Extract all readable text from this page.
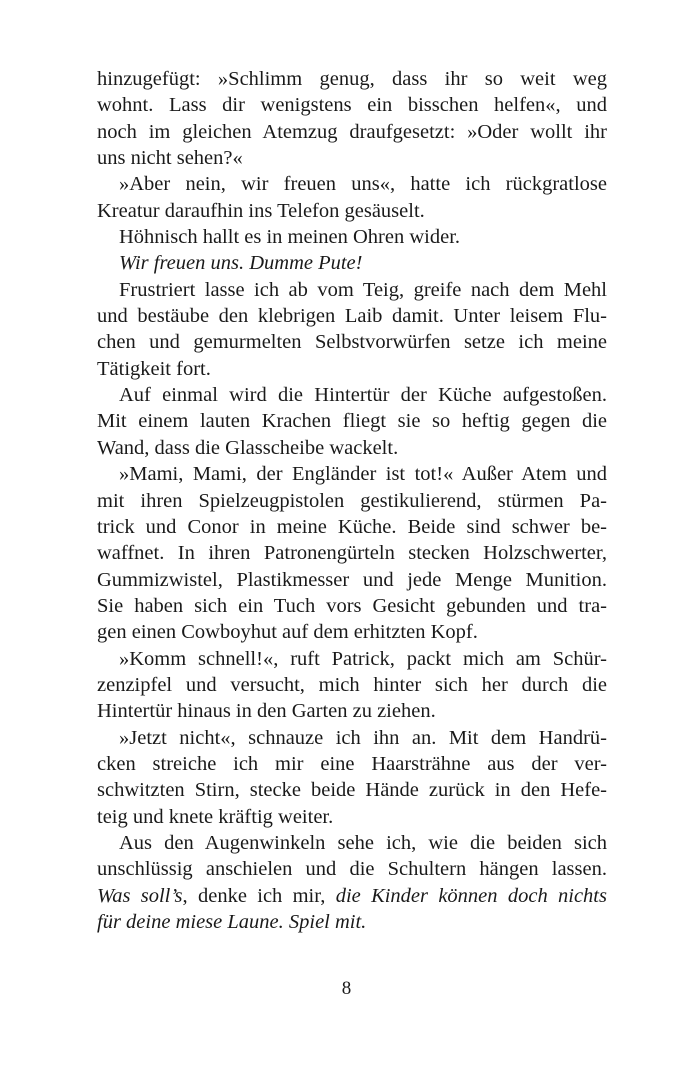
hinzugefügt: »Schlimm genug, dass ihr so weit weg
wohnt. Lass dir wenigstens ein bisschen helfen«, und
noch im gleichen Atemzug draufgesetzt: »Oder wollt ihr
uns nicht sehen?«
»Aber nein, wir freuen uns«, hatte ich rückgratlose
Kreatur daraufhin ins Telefon gesäuselt.
Höhnisch hallt es in meinen Ohren wider.
Wir freuen uns. Dumme Pute!
Frustriert lasse ich ab vom Teig, greife nach dem Mehl
und bestäube den klebrigen Laib damit. Unter leisem Flu-
chen und gemurmelten Selbstvorwürfen setze ich meine
Tätigkeit fort.
Auf einmal wird die Hintertür der Küche aufgestoßen.
Mit einem lauten Krachen fliegt sie so heftig gegen die
Wand, dass die Glasscheibe wackelt.
»Mami, Mami, der Engländer ist tot!« Außer Atem und
mit ihren Spielzeugpistolen gestikulierend, stürmen Pa-
trick und Conor in meine Küche. Beide sind schwer be-
waffnet. In ihren Patronengürteln stecken Holzschwerter,
Gummizwistel, Plastikmesser und jede Menge Munition.
Sie haben sich ein Tuch vors Gesicht gebunden und tra-
gen einen Cowboyhut auf dem erhitzten Kopf.
»Komm schnell!«, ruft Patrick, packt mich am Schür-
zenzipfel und versucht, mich hinter sich her durch die
Hintertür hinaus in den Garten zu ziehen.
»Jetzt nicht«, schnauze ich ihn an. Mit dem Handrü-
cken streiche ich mir eine Haarsträhne aus der ver-
schwitzten Stirn, stecke beide Hände zurück in den Hefe-
teig und knete kräftig weiter.
Aus den Augenwinkeln sehe ich, wie die beiden sich
unschlüssig anschielen und die Schultern hängen lassen.
Was soll’s, denke ich mir, die Kinder können doch nichts
für deine miese Laune. Spiel mit.
8
